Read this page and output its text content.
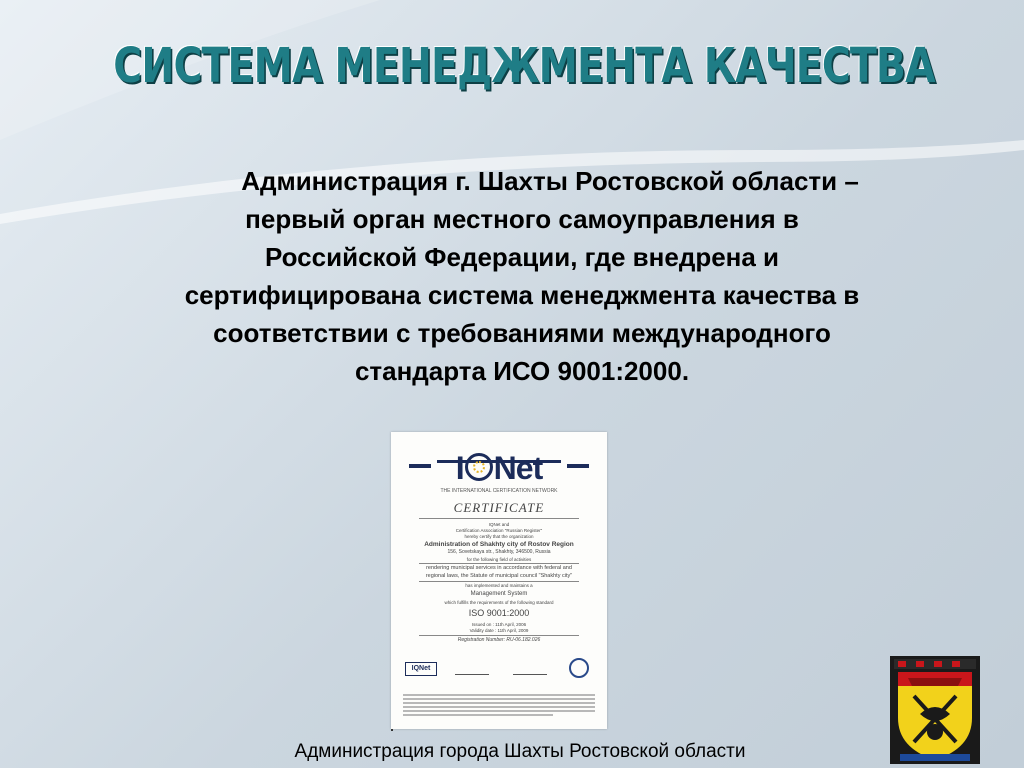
СИСТЕМА МЕНЕДЖМЕНТА КАЧЕСТВА
Администрация г. Шахты Ростовской области –
первый орган местного самоуправления в
Российской Федерации, где внедрена и
сертифицирована система менеджмента качества в
соответствии с требованиями международного
стандарта ИСО 9001:2000.
I Net
THE INTERNATIONAL CERTIFICATION NETWORK
CERTIFICATE
IQNet and
Certification Association "Russian Register"
hereby certify that the organization
Administration of Shakhty city of Rostov Region
156, Sovetskaya str., Shakhty, 346500, Russia
for the following field of activities
rendering municipal services in accordance with federal and
regional laws, the Statute of municipal council "Shakhty city"
has implemented and maintains a
Management System
which fulfills the requirements of the following standard
ISO 9001:2000
Issued on : 11th April, 2006
Validity date : 11th April, 2009
Registration Number: RU-06.182.026
IQNet
Администрация города Шахты Ростовской области
